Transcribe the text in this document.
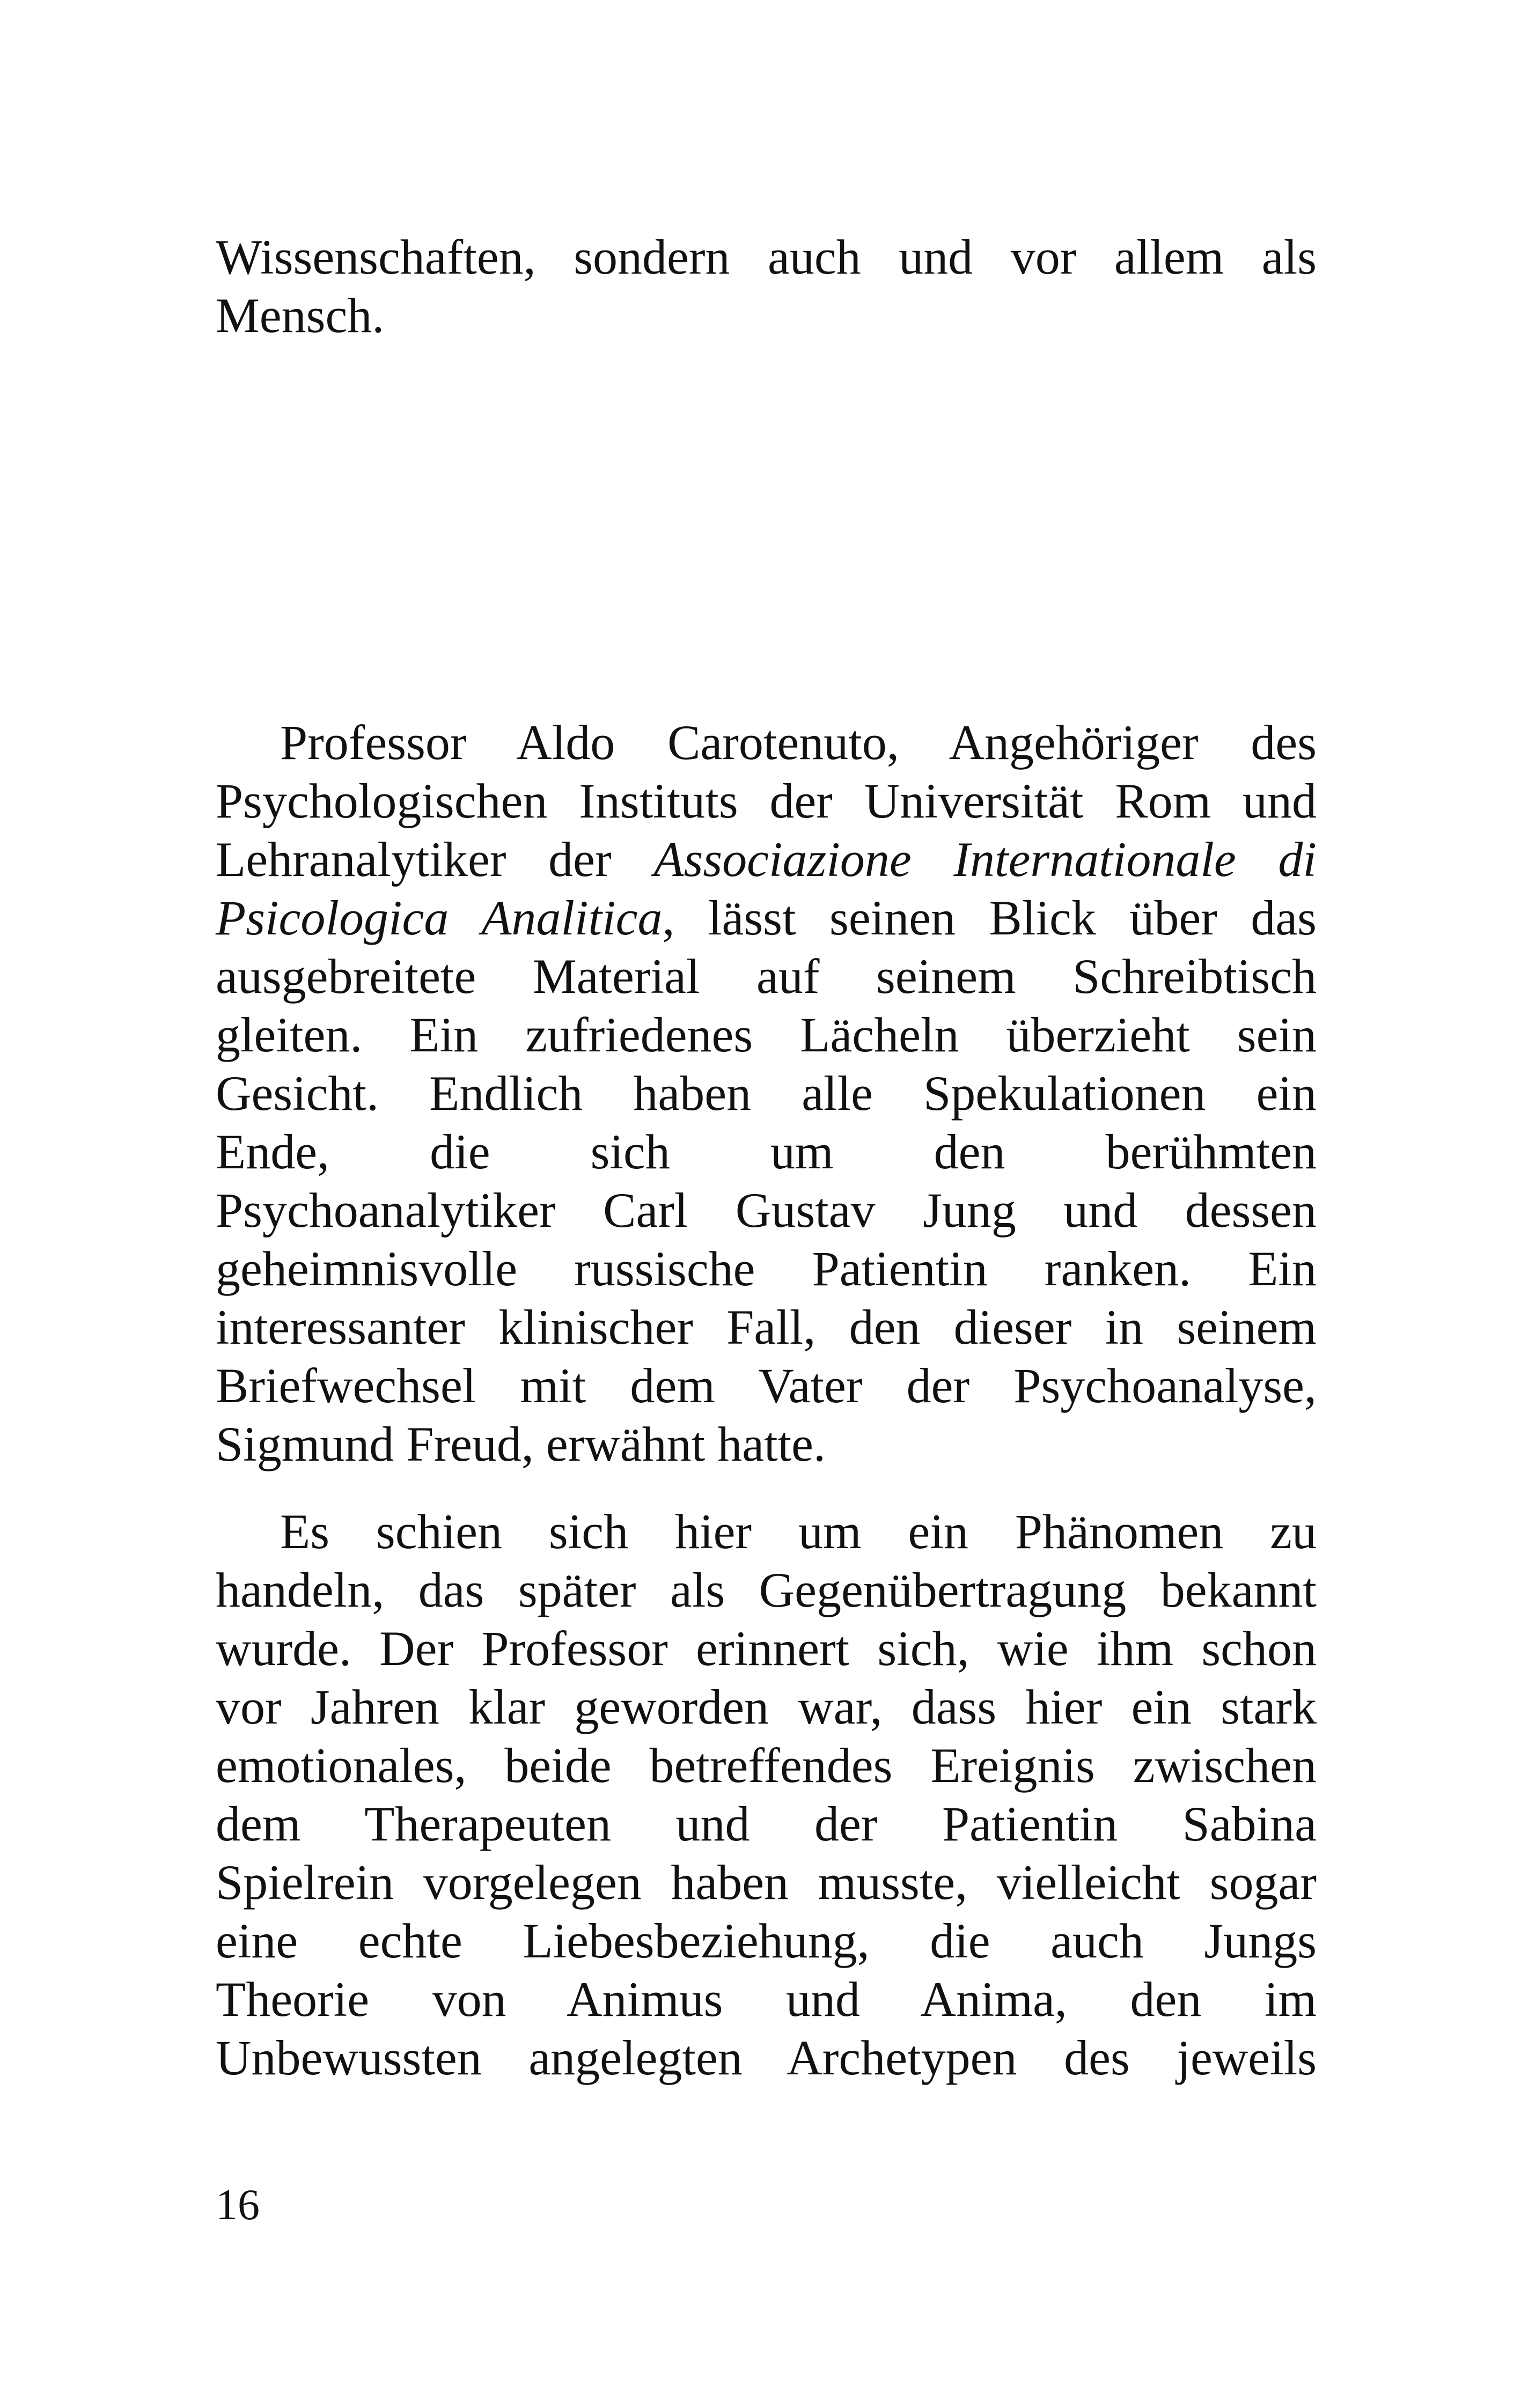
Wissenschaften, sondern auch und vor allem als
Mensch.
Professor Aldo Carotenuto, Angehöriger des
Psychologischen Instituts der Universität Rom und
Lehranalytiker der Associazione Internationale di
Psicologica Analitica, lässt seinen Blick über das
ausgebreitete Material auf seinem Schreibtisch
gleiten. Ein zufriedenes Lächeln überzieht sein
Gesicht. Endlich haben alle Spekulationen ein
Ende, die sich um den berühmten
Psychoanalytiker Carl Gustav Jung und dessen
geheimnisvolle russische Patientin ranken. Ein
interessanter klinischer Fall, den dieser in seinem
Briefwechsel mit dem Vater der Psychoanalyse,
Sigmund Freud, erwähnt hatte.
Es schien sich hier um ein Phänomen zu
handeln, das später als Gegenübertragung bekannt
wurde. Der Professor erinnert sich, wie ihm schon
vor Jahren klar geworden war, dass hier ein stark
emotionales, beide betreffendes Ereignis zwischen
dem Therapeuten und der Patientin Sabina
Spielrein vorgelegen haben musste, vielleicht sogar
eine echte Liebesbeziehung, die auch Jungs
Theorie von Animus und Anima, den im
Unbewussten angelegten Archetypen des jeweils
16
